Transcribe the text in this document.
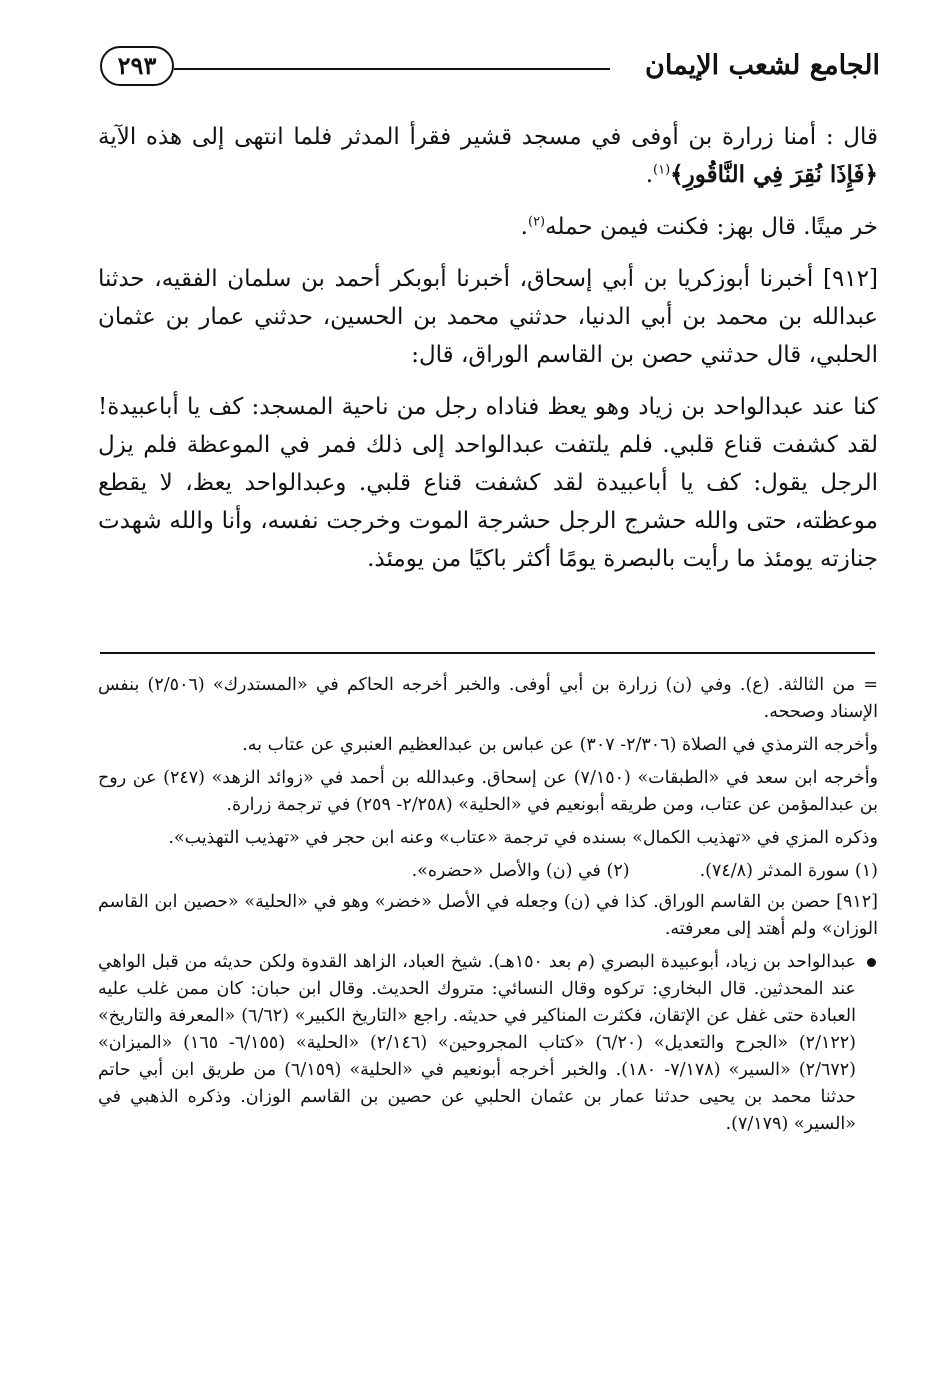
الجامع لشعب الإيمان
٢٩٣

قال : أمنا زرارة بن أوفى في مسجد قشير فقرأ المدثر فلما انتهى إلى هذه الآية ﴿فَإِذَا نُقِرَ فِي النَّاقُورِ﴾$^{(١)}$.

خر ميتًا. قال بهز: فكنت فيمن حمله$^{(٢)}$.

[٩١٢] أخبرنا أبوزكريا بن أبي إسحاق، أخبرنا أبوبكر أحمد بن سلمان الفقيه، حدثنا عبدالله بن محمد بن أبي الدنيا، حدثني محمد بن الحسين، حدثني عمار بن عثمان الحلبي، قال حدثني حصن بن القاسم الوراق، قال:

كنا عند عبدالواحد بن زياد وهو يعظ فناداه رجل من ناحية المسجد: كف يا أباعبيدة! لقد كشفت قناع قلبي. فلم يلتفت عبدالواحد إلى ذلك فمر في الموعظة فلم يزل الرجل يقول: كف يا أباعبيدة لقد كشفت قناع قلبي. وعبدالواحد يعظ، لا يقطع موعظته، حتى والله حشرج الرجل حشرجة الموت وخرجت نفسه، وأنا والله شهدت جنازته يومئذ ما رأيت بالبصرة يومًا أكثر باكيًا من يومئذ.

= من الثالثة. (ع). وفي (ن) زرارة بن أبي أوفى. والخبر أخرجه الحاكم في «المستدرك» (٢/٥٠٦) بنفس الإسناد وصححه.

وأخرجه الترمذي في الصلاة (٢/٣٠٦- ٣٠٧) عن عباس بن عبدالعظيم العنبري عن عتاب به.

وأخرجه ابن سعد في «الطبقات» (٧/١٥٠) عن إسحاق. وعبدالله بن أحمد في «زوائد الزهد» (٢٤٧) عن روح بن عبدالمؤمن عن عتاب، ومن طريقه أبونعيم في «الحلية» (٢/٢٥٨- ٢٥٩) في ترجمة زرارة.

وذكره المزي في «تهذيب الكمال» بسنده في ترجمة «عتاب» وعنه ابن حجر في «تهذيب التهذيب».

(١) سورة المدثر (٧٤/٨).
(٢) في (ن) والأصل «حضره».

[٩١٢] حصن بن القاسم الوراق. كذا في (ن) وجعله في الأصل «خضر» وهو في «الحلية» «حصين ابن القاسم الوزان» ولم أهتد إلى معرفته.

عبدالواحد بن زياد، أبوعبيدة البصري (م بعد ١٥٠هـ). شيخ العباد، الزاهد القدوة ولكن حديثه من قبل الواهي عند المحدثين. قال البخاري: تركوه وقال النسائي: متروك الحديث. وقال ابن حبان: كان ممن غلب عليه العبادة حتى غفل عن الإتقان، فكثرت المناكير في حديثه. راجع «التاريخ الكبير» (٦/٦٢) «المعرفة والتاريخ» (٢/١٢٢) «الجرح والتعديل» (٦/٢٠) «كتاب المجروحين» (٢/١٤٦) «الحلية» (٦/١٥٥- ١٦٥) «الميزان» (٢/٦٧٢) «السير» (٧/١٧٨- ١٨٠). والخبر أخرجه أبونعيم في «الحلية» (٦/١٥٩) من طريق ابن أبي حاتم حدثنا محمد بن يحيى حدثنا عمار بن عثمان الحلبي عن حصين بن القاسم الوزان. وذكره الذهبي في «السير» (٧/١٧٩).
